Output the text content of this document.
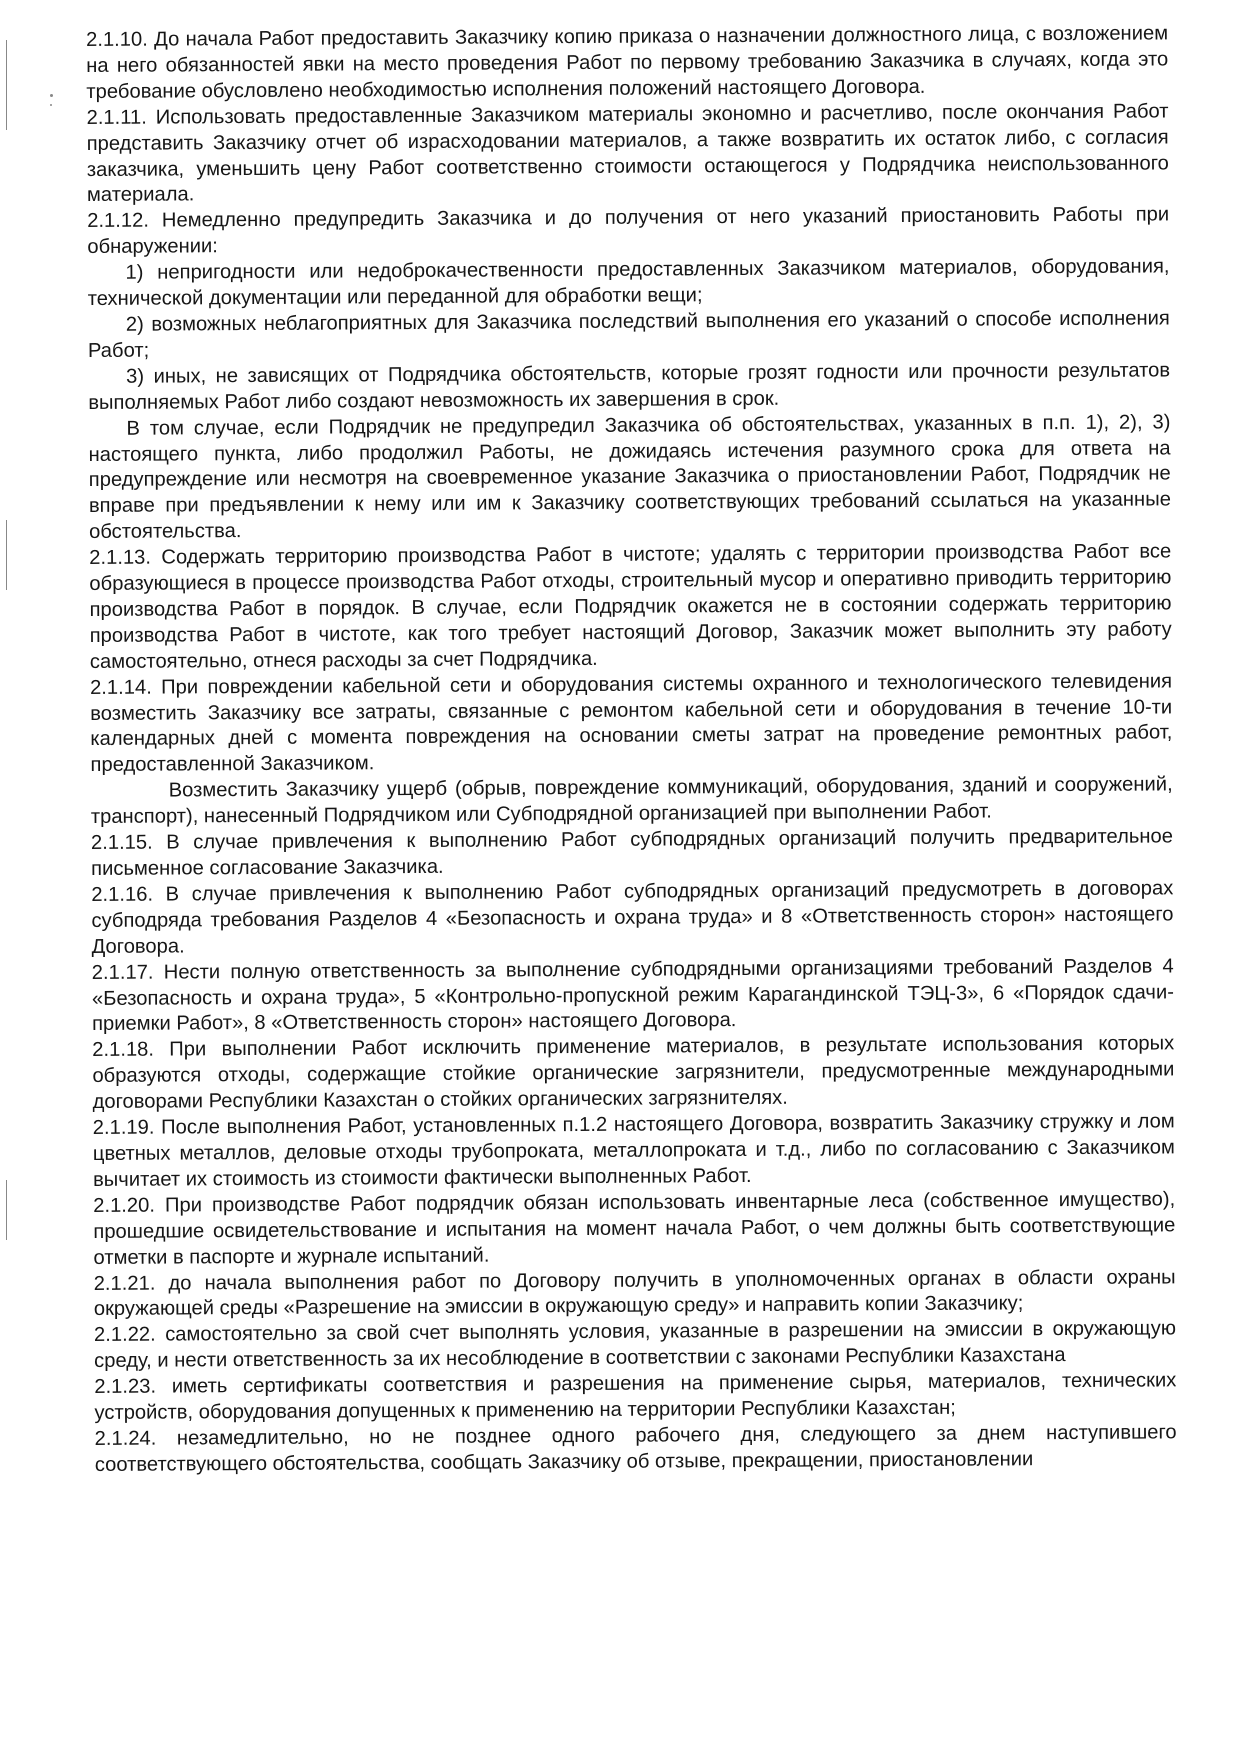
2.1.10. До начала Работ предоставить Заказчику копию приказа о назначении должностного лица, с возложением на него обязанностей явки на место проведения Работ по первому требованию Заказчика в случаях, когда это требование обусловлено необходимостью исполнения положений настоящего Договора.

2.1.11. Использовать предоставленные Заказчиком материалы экономно и расчетливо, после окончания Работ представить Заказчику отчет об израсходовании материалов, а также возвратить их остаток либо, с согласия заказчика, уменьшить цену Работ соответственно стоимости остающегося у Подрядчика неиспользованного материала.

2.1.12. Немедленно предупредить Заказчика и до получения от него указаний приостановить Работы при обнаружении:

1) непригодности или недоброкачественности предоставленных Заказчиком материалов, оборудования, технической документации или переданной для обработки вещи;

2) возможных неблагоприятных для Заказчика последствий выполнения его указаний о способе исполнения Работ;

3) иных, не зависящих от Подрядчика обстоятельств, которые грозят годности или прочности результатов выполняемых Работ либо создают невозможность их завершения в срок.

В том случае, если Подрядчик не предупредил Заказчика об обстоятельствах, указанных в п.п. 1), 2), 3) настоящего пункта, либо продолжил Работы, не дожидаясь истечения разумного срока для ответа на предупреждение или несмотря на своевременное указание Заказчика о приостановлении Работ, Подрядчик не вправе при предъявлении к нему или им к Заказчику соответствующих требований ссылаться на указанные обстоятельства.

2.1.13. Содержать территорию производства Работ в чистоте; удалять с территории производства Работ все образующиеся в процессе производства Работ отходы, строительный мусор и оперативно приводить территорию производства Работ в порядок. В случае, если Подрядчик окажется не в состоянии содержать территорию производства Работ в чистоте, как того требует настоящий Договор, Заказчик может выполнить эту работу самостоятельно, отнеся расходы за счет Подрядчика.

2.1.14. При повреждении кабельной сети и оборудования системы охранного и технологического телевидения возместить Заказчику все затраты, связанные с ремонтом кабельной сети и оборудования в течение 10-ти календарных дней с момента повреждения на основании сметы затрат на проведение ремонтных работ, предоставленной Заказчиком.

Возместить Заказчику ущерб (обрыв, повреждение коммуникаций, оборудования, зданий и сооружений, транспорт), нанесенный Подрядчиком или Субподрядной организацией при выполнении Работ.

2.1.15. В случае привлечения к выполнению Работ субподрядных организаций получить предварительное письменное согласование Заказчика.

2.1.16. В случае привлечения к выполнению Работ субподрядных организаций предусмотреть в договорах субподряда требования Разделов 4 «Безопасность и охрана труда» и 8 «Ответственность сторон» настоящего Договора.

2.1.17. Нести полную ответственность за выполнение субподрядными организациями требований Разделов 4 «Безопасность и охрана труда», 5 «Контрольно-пропускной режим Карагандинской ТЭЦ-3», 6 «Порядок сдачи-приемки Работ», 8 «Ответственность сторон» настоящего Договора.

2.1.18. При выполнении Работ исключить применение материалов, в результате использования которых образуются отходы, содержащие стойкие органические загрязнители, предусмотренные международными договорами Республики Казахстан о стойких органических загрязнителях.

2.1.19. После выполнения Работ, установленных п.1.2 настоящего Договора, возвратить Заказчику стружку и лом цветных металлов, деловые отходы трубопроката, металлопроката и т.д., либо по согласованию с Заказчиком вычитает их стоимость из стоимости фактически выполненных Работ.

2.1.20. При производстве Работ подрядчик обязан использовать инвентарные леса (собственное имущество), прошедшие освидетельствование и испытания на момент начала Работ, о чем должны быть соответствующие отметки в паспорте и журнале испытаний.

2.1.21. до начала выполнения работ по Договору получить в уполномоченных органах в области охраны окружающей среды «Разрешение на эмиссии в окружающую среду» и направить копии Заказчику;

2.1.22. самостоятельно за свой счет выполнять условия, указанные в разрешении на эмиссии в окружающую среду, и нести ответственность за их несоблюдение в соответствии с законами Республики Казахстана

2.1.23. иметь сертификаты соответствия и разрешения на применение сырья, материалов, технических устройств, оборудования допущенных к применению на территории Республики Казахстан;

2.1.24. незамедлительно, но не позднее одного рабочего дня, следующего за днем наступившего соответствующего обстоятельства, сообщать Заказчику об отзыве, прекращении, приостановлении
